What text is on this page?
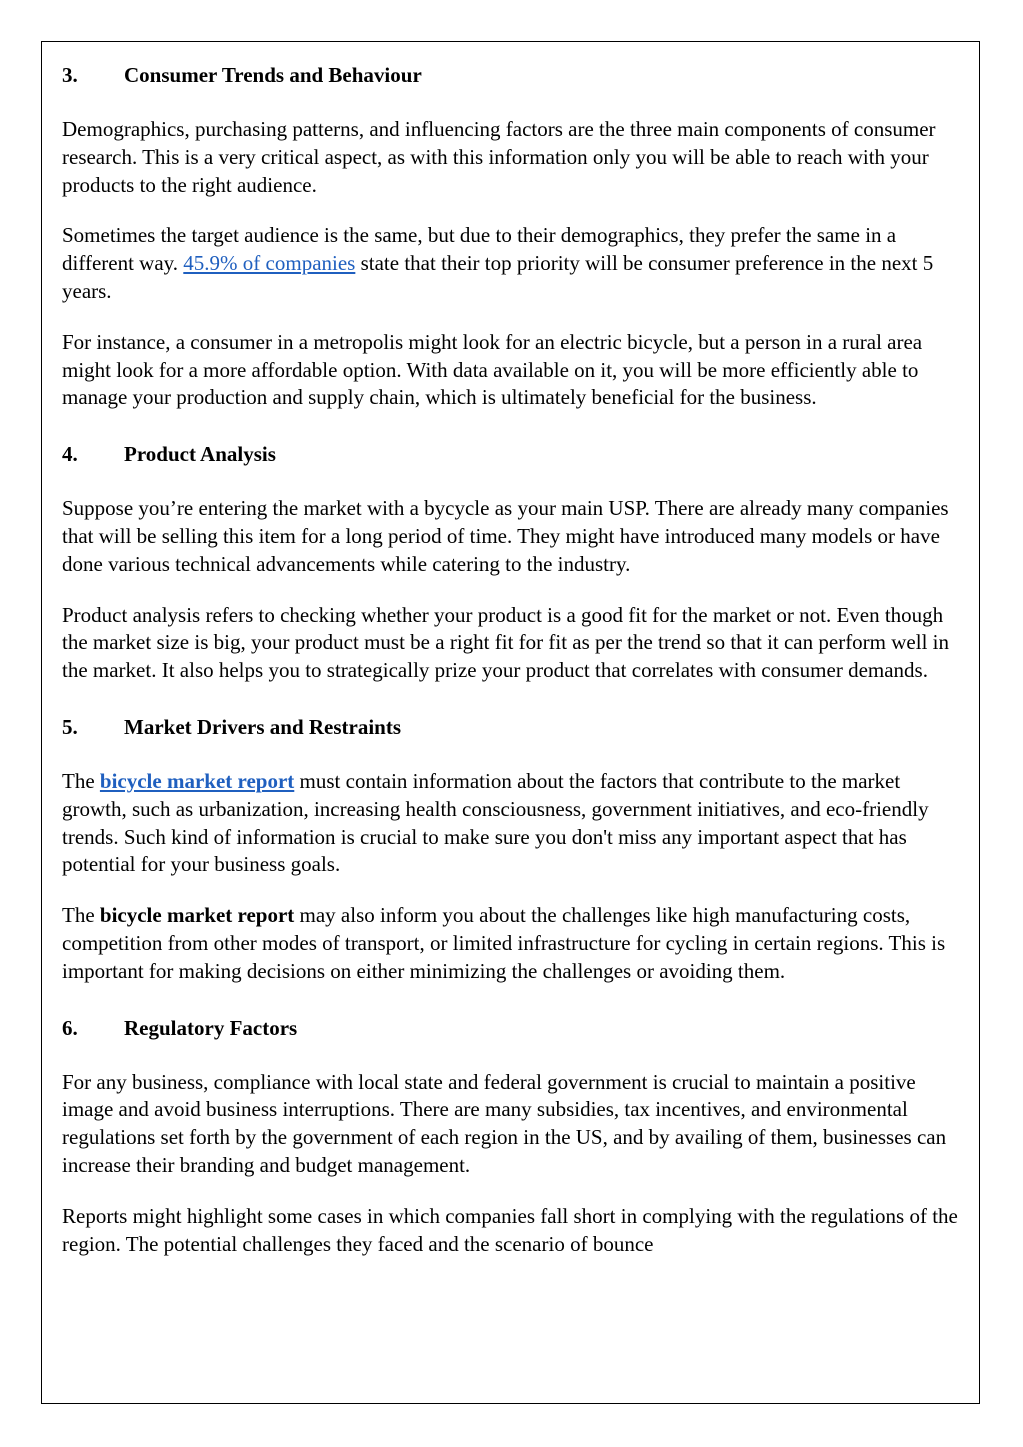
3.	Consumer Trends and Behaviour

Demographics, purchasing patterns, and influencing factors are the three main components of consumer research. This is a very critical aspect, as with this information only you will be able to reach with your products to the right audience.

Sometimes the target audience is the same, but due to their demographics, they prefer the same in a different way. 45.9% of companies state that their top priority will be consumer preference in the next 5 years.

For instance, a consumer in a metropolis might look for an electric bicycle, but a person in a rural area might look for a more affordable option. With data available on it, you will be more efficiently able to manage your production and supply chain, which is ultimately beneficial for the business.

4.	Product Analysis

Suppose you’re entering the market with a bycycle as your main USP. There are already many companies that will be selling this item for a long period of time. They might have introduced many models or have done various technical advancements while catering to the industry.

Product analysis refers to checking whether your product is a good fit for the market or not. Even though the market size is big, your product must be a right fit for fit as per the trend so that it can perform well in the market. It also helps you to strategically prize your product that correlates with consumer demands.

5.	Market Drivers and Restraints

The bicycle market report must contain information about the factors that contribute to the market growth, such as urbanization, increasing health consciousness, government initiatives, and eco-friendly trends. Such kind of information is crucial to make sure you don't miss any important aspect that has potential for your business goals.

The bicycle market report may also inform you about the challenges like high manufacturing costs, competition from other modes of transport, or limited infrastructure for cycling in certain regions. This is important for making decisions on either minimizing the challenges or avoiding them.

6.	Regulatory Factors

For any business, compliance with local state and federal government is crucial to maintain a positive image and avoid business interruptions. There are many subsidies, tax incentives, and environmental regulations set forth by the government of each region in the US, and by availing of them, businesses can increase their branding and budget management.

Reports might highlight some cases in which companies fall short in complying with the regulations of the region. The potential challenges they faced and the scenario of bounce
